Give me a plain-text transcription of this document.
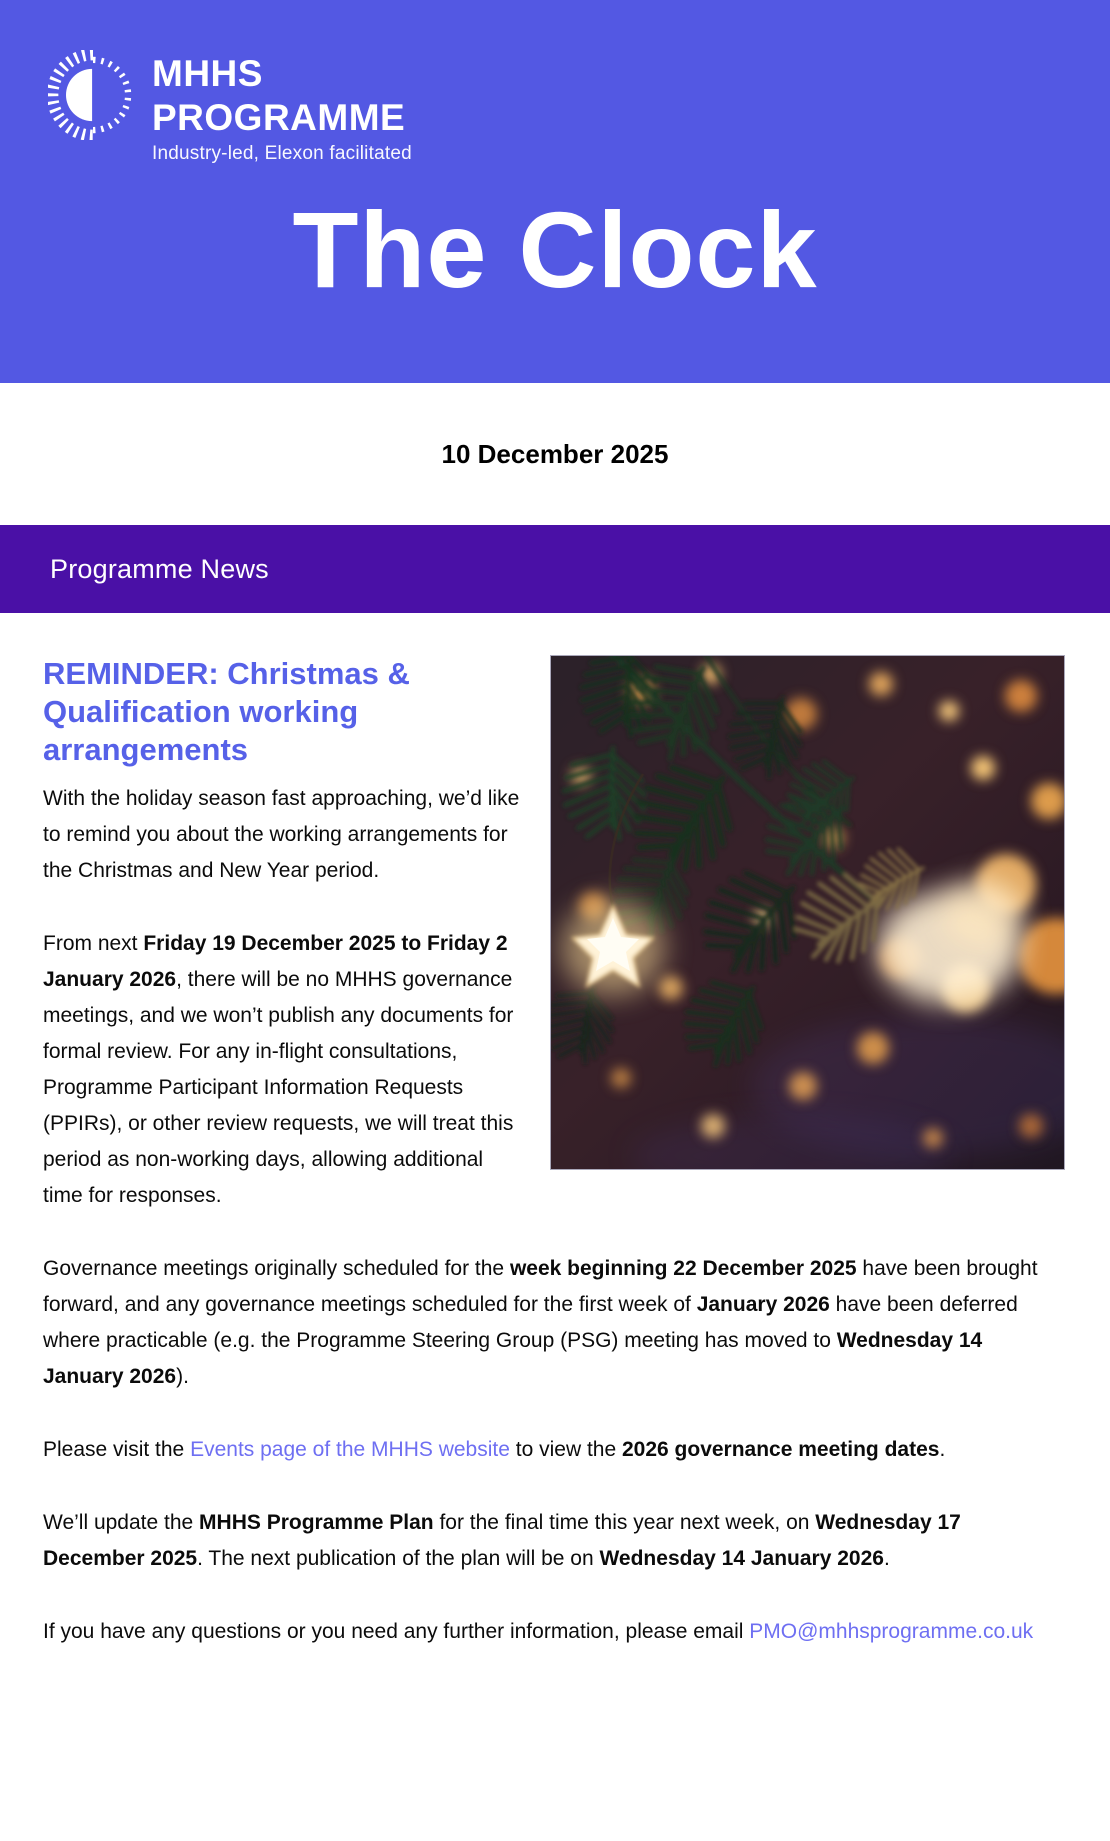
MHHS
PROGRAMME
Industry-led, Elexon facilitated
The Clock
10 December 2025
Programme News
REMINDER: Christmas & Qualification working arrangements

With the holiday season fast approaching, we’d like to remind you about the working arrangements for the Christmas and New Year period.

From next Friday 19 December 2025 to Friday 2 January 2026, there will be no MHHS governance meetings, and we won’t publish any documents for formal review. For any in-flight consultations, Programme Participant Information Requests (PPIRs), or other review requests, we will treat this period as non-working days, allowing additional time for responses.

Governance meetings originally scheduled for the week beginning 22 December 2025 have been brought forward, and any governance meetings scheduled for the first week of January 2026 have been deferred where practicable (e.g. the Programme Steering Group (PSG) meeting has moved to Wednesday 14 January 2026).

Please visit the Events page of the MHHS website to view the 2026 governance meeting dates.

We’ll update the MHHS Programme Plan for the final time this year next week, on Wednesday 17 December 2025. The next publication of the plan will be on Wednesday 14 January 2026.

If you have any questions or you need any further information, please email PMO@mhhsprogramme.co.uk
